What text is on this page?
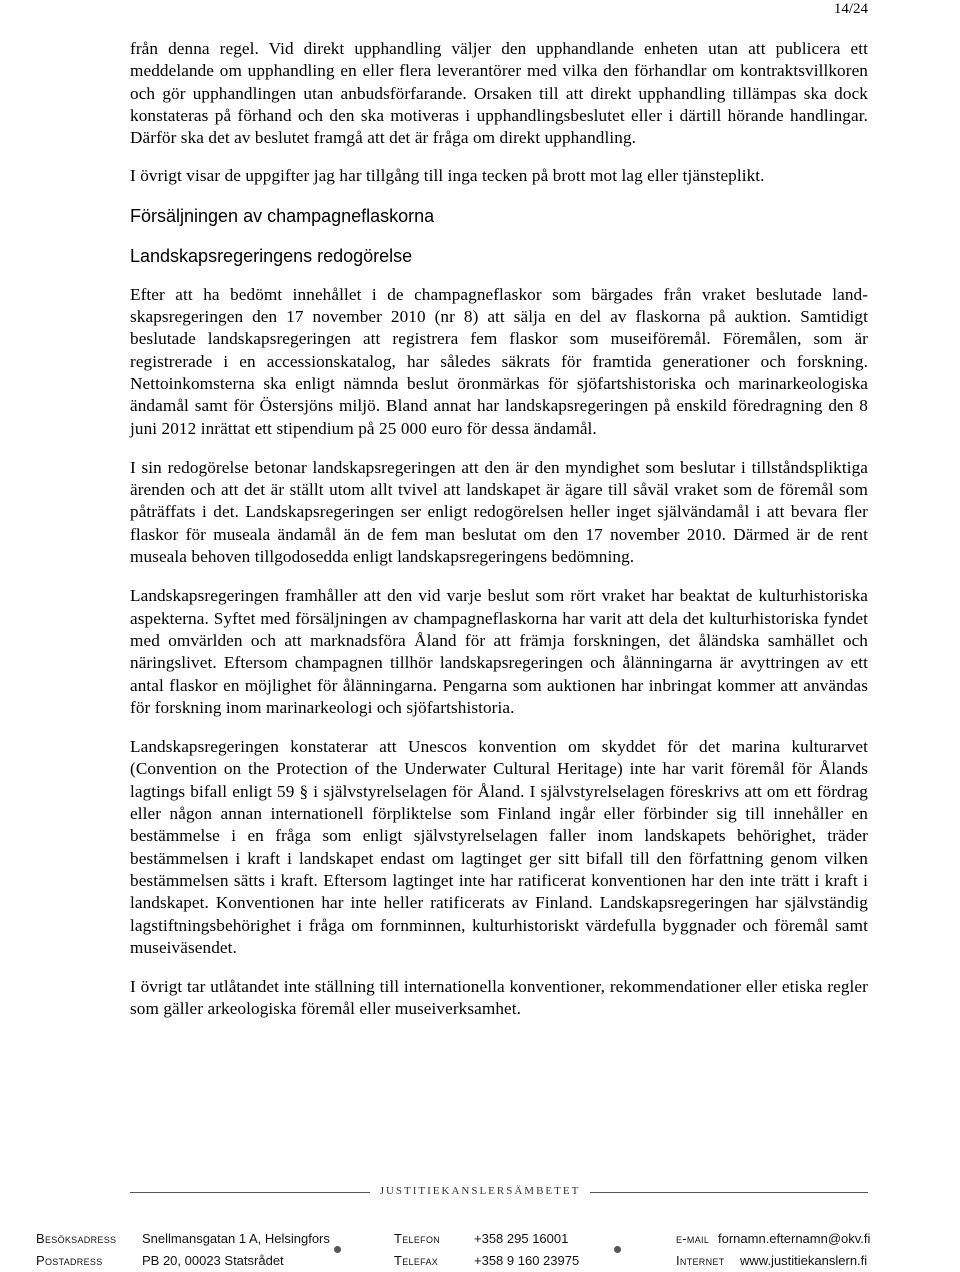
14/24

från denna regel. Vid direkt upphandling väljer den upphandlande enheten utan att publicera ett meddelande om upphandling en eller flera leverantörer med vilka den förhandlar om kontraktsvillkoren och gör upphandlingen utan anbudsförfarande. Orsaken till att direkt upphandling tillämpas ska dock konstateras på förhand och den ska motiveras i upphandlingsbeslutet eller i därtill hörande handlingar. Därför ska det av beslutet framgå att det är fråga om direkt upphandling.

I övrigt visar de uppgifter jag har tillgång till inga tecken på brott mot lag eller tjänsteplikt.

Försäljningen av champagneflaskorna
Landskapsregeringens redogörelse

Efter att ha bedömt innehållet i de champagneflaskor som bärgades från vraket beslutade landskapsregeringen den 17 november 2010 (nr 8) att sälja en del av flaskorna på auktion. Samtidigt beslutade landskapsregeringen att registrera fem flaskor som museiföremål. Föremålen, som är registrerade i en accessionskatalog, har således säkrats för framtida generationer och forskning. Nettoinkomsterna ska enligt nämnda beslut öronmärkas för sjöfartshistoriska och marinarkeologiska ändamål samt för Östersjöns miljö. Bland annat har landskapsregeringen på enskild föredragning den 8 juni 2012 inrättat ett stipendium på 25 000 euro för dessa ändamål.

I sin redogörelse betonar landskapsregeringen att den är den myndighet som beslutar i tillståndspliktiga ärenden och att det är ställt utom allt tvivel att landskapet är ägare till såväl vraket som de föremål som påträffats i det. Landskapsregeringen ser enligt redogörelsen heller inget självändamål i att bevara fler flaskor för museala ändamål än de fem man beslutat om den 17 november 2010. Därmed är de rent museala behoven tillgodosedda enligt landskapsregeringens bedömning.

Landskapsregeringen framhåller att den vid varje beslut som rört vraket har beaktat de kulturhistoriska aspekterna. Syftet med försäljningen av champagneflaskorna har varit att dela det kulturhistoriska fyndet med omvärlden och att marknadsföra Åland för att främja forskningen, det åländska samhället och näringslivet. Eftersom champagnen tillhör landskapsregeringen och ålänningarna är avyttringen av ett antal flaskor en möjlighet för ålänningarna. Pengarna som auktionen har inbringat kommer att användas för forskning inom marinarkeologi och sjöfartshistoria.

Landskapsregeringen konstaterar att Unescos konvention om skyddet för det marina kulturarvet (Convention on the Protection of the Underwater Cultural Heritage) inte har varit föremål för Ålands lagtings bifall enligt 59 § i självstyrelselagen för Åland. I självstyrelselagen föreskrivs att om ett fördrag eller någon annan internationell förpliktelse som Finland ingår eller förbinder sig till innehåller en bestämmelse i en fråga som enligt självstyrelselagen faller inom landskapets behörighet, träder bestämmelsen i kraft i landskapet endast om lagtinget ger sitt bifall till den författning genom vilken bestämmelsen sätts i kraft. Eftersom lagtinget inte har ratificerat konventionen har den inte trätt i kraft i landskapet. Konventionen har inte heller ratificerats av Finland. Landskapsregeringen har självständig lagstiftningsbehörighet i fråga om fornminnen, kulturhistoriskt värdefulla byggnader och föremål samt museiväsendet.

I övrigt tar utlåtandet inte ställning till internationella konventioner, rekommendationer eller etiska regler som gäller arkeologiska föremål eller museiverksamhet.

JUSTITIEKANSLERSÄMBETET
Besöksadress Snellmansgatan 1 A, Helsingfors	Telefon	+358 295 16001	e-mail fornamn.efternamn@okv.fi
Postadress	PB 20, 00023 Statsrådet	Telefax	+358 9 160 23975	Internet www.justitiekanslern.fi
